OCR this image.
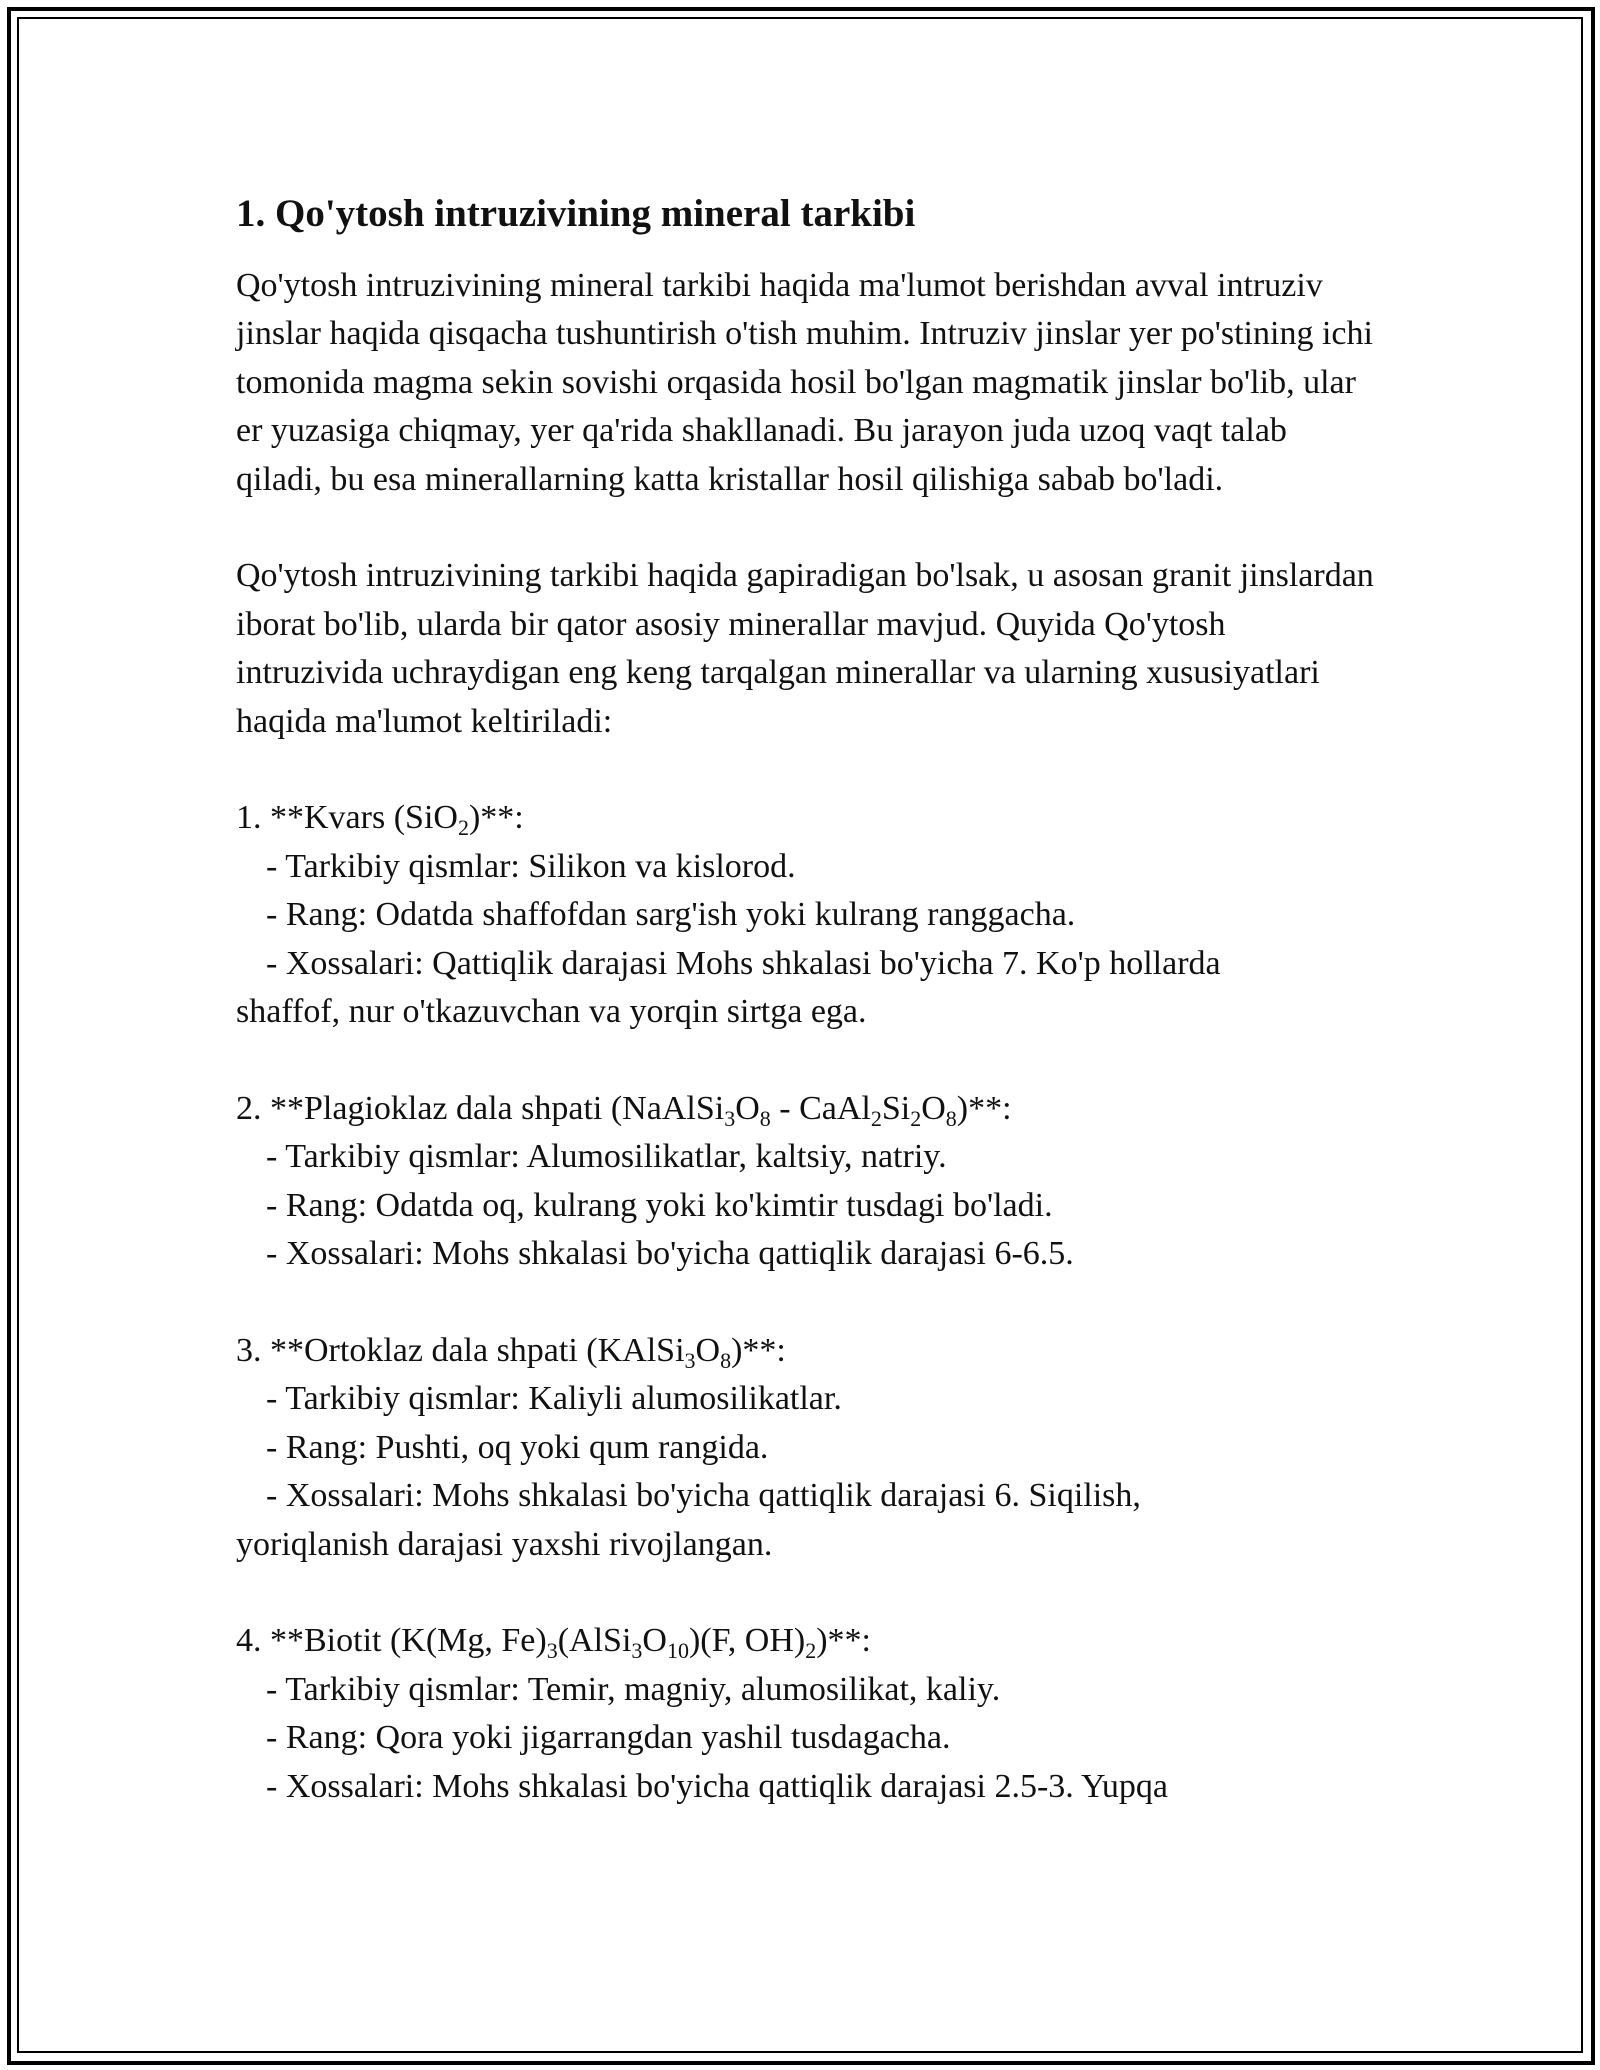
1. Qo'ytosh intruzivining mineral tarkibi

Qo'ytosh intruzivining mineral tarkibi haqida ma'lumot berishdan avval intruziv jinslar haqida qisqacha tushuntirish o'tish muhim. Intruziv jinslar yer po'stining ichi tomonida magma sekin sovishi orqasida hosil bo'lgan magmatik jinslar bo'lib, ular er yuzasiga chiqmay, yer qa'rida shakllanadi. Bu jarayon juda uzoq vaqt talab qiladi, bu esa minerallarning katta kristallar hosil qilishiga sabab bo'ladi.

Qo'ytosh intruzivining tarkibi haqida gapiradigan bo'lsak, u asosan granit jinslardan iborat bo'lib, ularda bir qator asosiy minerallar mavjud. Quyida Qo'ytosh intruzivida uchraydigan eng keng tarqalgan minerallar va ularning xususiyatlari haqida ma'lumot keltiriladi:

1. **Kvars (SiO$_2$)**:
- Tarkibiy qismlar: Silikon va kislorod.
- Rang: Odatda shaffofdan sarg'ish yoki kulrang ranggacha.
- Xossalari: Qattiqlik darajasi Mohs shkalasi bo'yicha 7. Ko'p hollarda
shaffof, nur o'tkazuvchan va yorqin sirtga ega.
2. **Plagioklaz dala shpati ($NaAlSi_3O_8$ - $CaAl_2Si_2O_8)**$:
- Tarkibiy qismlar: Alumosilikatlar, kaltsiy, natriy.
- Rang: Odatda oq, kulrang yoki ko'kimtir tusdagi bo'ladi.
- Xossalari: Mohs shkalasi bo'yicha qattiqlik darajasi 6-6.5.
3. **Ortoklaz dala shpati $(KAlSi_3O_8)**$:
- Tarkibiy qismlar: Kaliyli alumosilikatlar.
- Rang: Pushti, oq yoki qum rangida.
- Xossalari: Mohs shkalasi bo'yicha qattiqlik darajasi 6. Siqilish,
yoriqlanish darajasi yaxshi rivojlangan.
4. **Biotit (K(Mg, $Fe)_3(AlSi_3O_{10})(F$, $OH)_2)**$:
- Tarkibiy qismlar: Temir, magniy, alumosilikat, kaliy.
- Rang: Qora yoki jigarrangdan yashil tusdagacha.
- Xossalari: Mohs shkalasi bo'yicha qattiqlik darajasi 2.5-3. Yupqa
